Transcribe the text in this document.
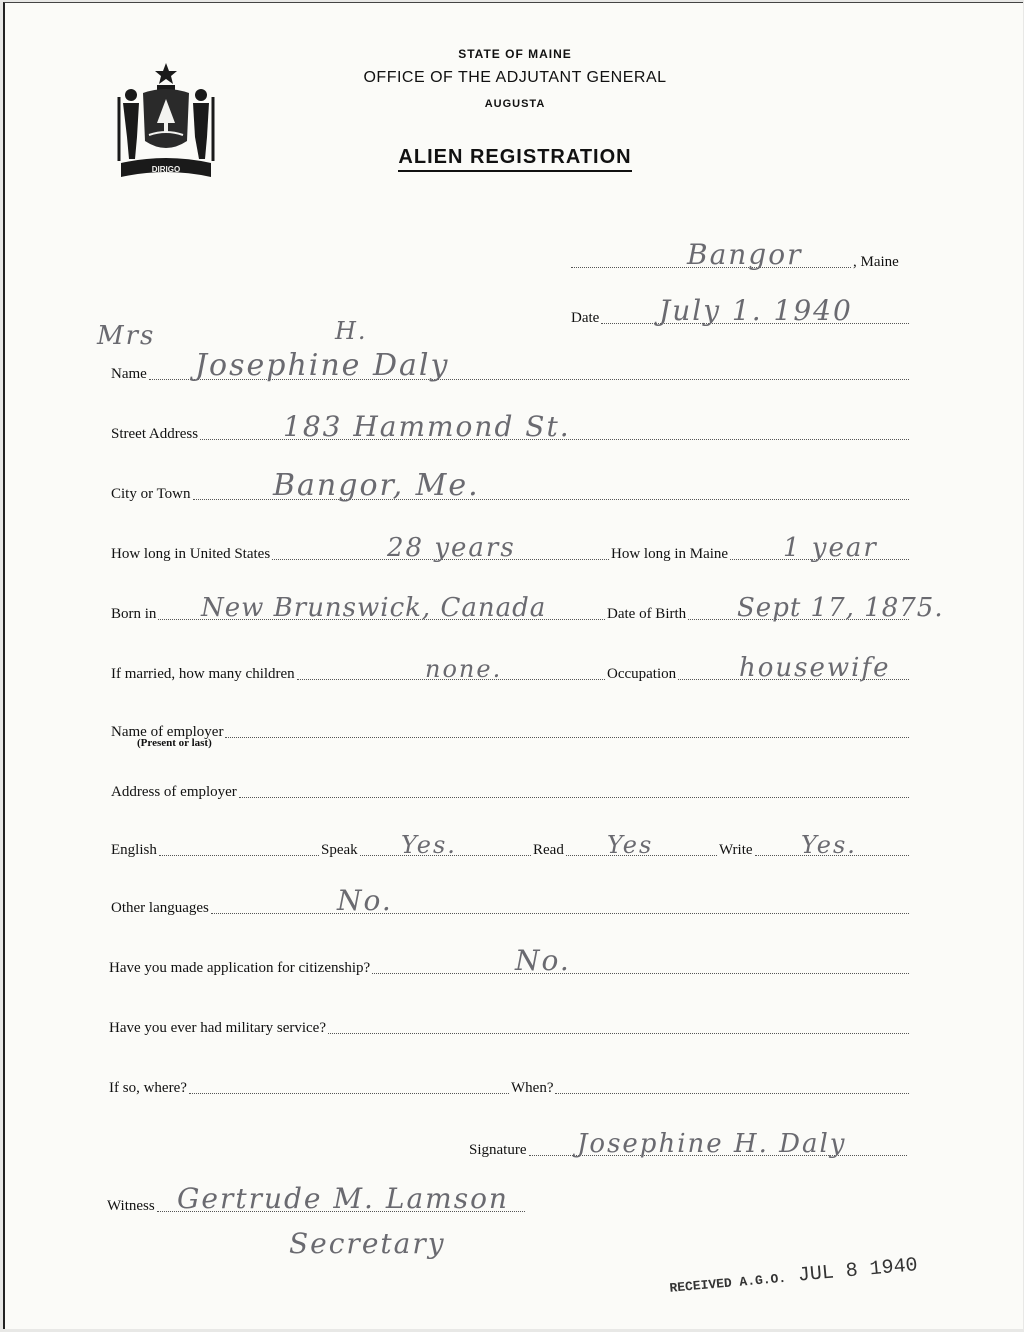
DIRIGO
STATE OF MAINE
OFFICE OF THE ADJUTANT GENERAL
AUGUSTA
ALIEN REGISTRATION
Bangor	, Maine
Date July 1. 1940
Mrs	H.
Name Josephine Daly
Street Address	183 Hammond St.
City or Town	Bangor, Me.
How long in United States	28 years	How long in Maine 1 year
Born in New Brunswick, Canada	Date of Birth Sept 17, 1875.
If married, how many children	none.	Occupation housewife
Name of employer
(Present or last)
Address of employer
English	Speak Yes.	Read Yes	Write Yes.
Other languages	No.
Have you made application for citizenship?	No.
Have you ever had military service?
If so, where?	When?
Signature Josephine H. Daly
Witness Gertrude M. Lamson
Secretary
RECEIVED A.G.O. JUL 8 1940
